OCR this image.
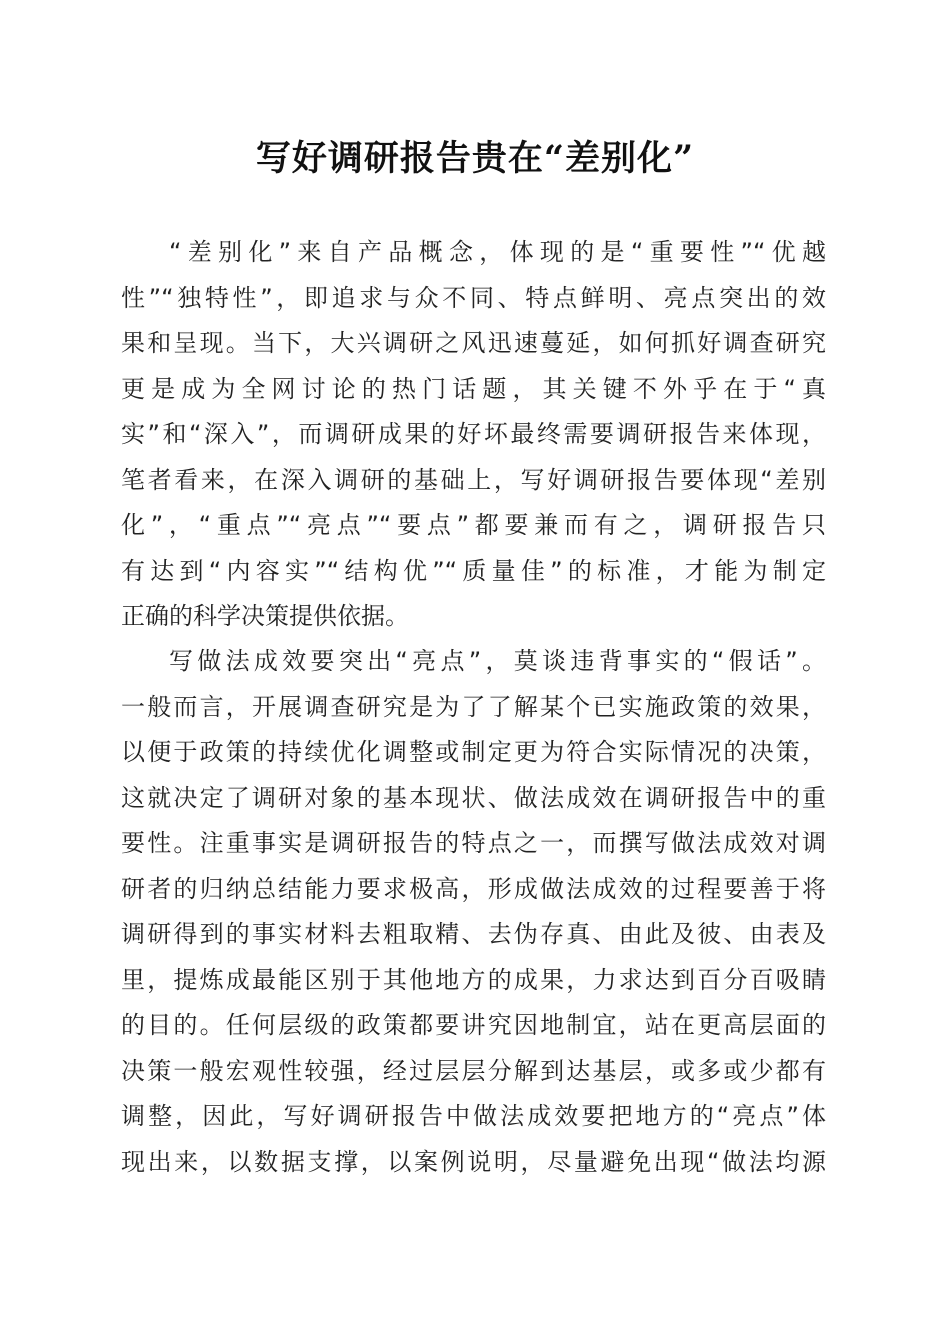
写好调研报告贵在“差别化”
“差别化”来自产品概念，体现的是“重要性”“优越
性”“独特性”，即追求与众不同、特点鲜明、亮点突出的效
果和呈现。当下，大兴调研之风迅速蔓延，如何抓好调查研究
更是成为全网讨论的热门话题，其关键不外乎在于“真
实”和“深入”，而调研成果的好坏最终需要调研报告来体现，
笔者看来，在深入调研的基础上，写好调研报告要体现“差别
化”，“重点”“亮点”“要点”都要兼而有之，调研报告只
有达到“内容实”“结构优”“质量佳”的标准，才能为制定
正确的科学决策提供依据。
写做法成效要突出“亮点”，莫谈违背事实的“假话”。
一般而言，开展调查研究是为了了解某个已实施政策的效果，
以便于政策的持续优化调整或制定更为符合实际情况的决策，
这就决定了调研对象的基本现状、做法成效在调研报告中的重
要性。注重事实是调研报告的特点之一，而撰写做法成效对调
研者的归纳总结能力要求极高，形成做法成效的过程要善于将
调研得到的事实材料去粗取精、去伪存真、由此及彼、由表及
里，提炼成最能区别于其他地方的成果，力求达到百分百吸睛
的目的。任何层级的政策都要讲究因地制宜，站在更高层面的
决策一般宏观性较强，经过层层分解到达基层，或多或少都有
调整，因此，写好调研报告中做法成效要把地方的“亮点”体
现出来，以数据支撑，以案例说明，尽量避免出现“做法均源
